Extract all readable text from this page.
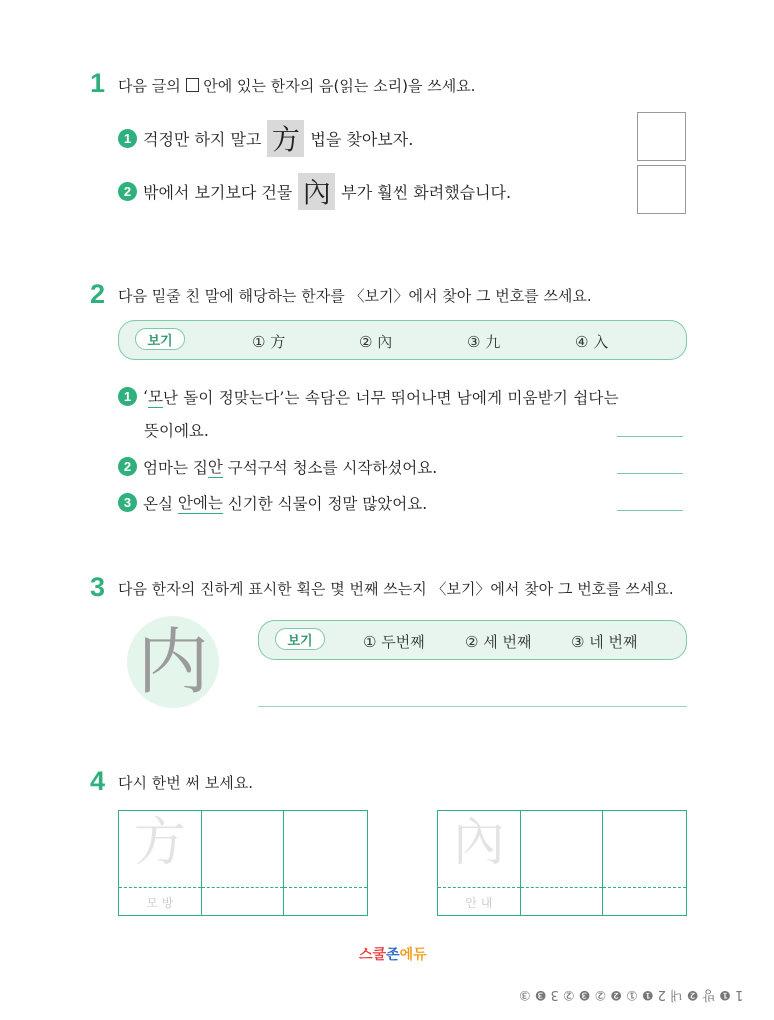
1 다음 글의 안에 있는 한자의 음(읽는 소리)을 쓰세요.
1 걱정만 하지 말고 方 법을 찾아보자.
2 밖에서 보기보다 건물 內 부가 훨씬 화려했습니다.
2 다음 밑줄 친 말에 해당하는 한자를 〈보기〉에서 찾아 그 번호를 쓰세요.
보기	① 方	② 內	③ 九	④ 入
1 ‘ 모 난 돌이 정맞는다’는 속담은 너무 뛰어나면 남에게 미움받기 쉽다는
뜻이에요.
2 엄마는 집 안
구석구석 청소를 시작하셨어요.
3 온실
안에는
신기한 식물이 정말 많았어요.
3 다음 한자의 진하게 표시한 획은 몇 번째 쓰는지 〈보기〉에서 찾아 그 번호를 쓰세요.
内	보기	① 두번째	② 세 번째	③ 네 번째
4 다시 한번 써 보세요.
方
모 방
內
안 내
스쿨존에듀
1 ❶ 방 ❷ 내 2 ❶ ① ❷ ② ❸ ② 3 ❸ ③
